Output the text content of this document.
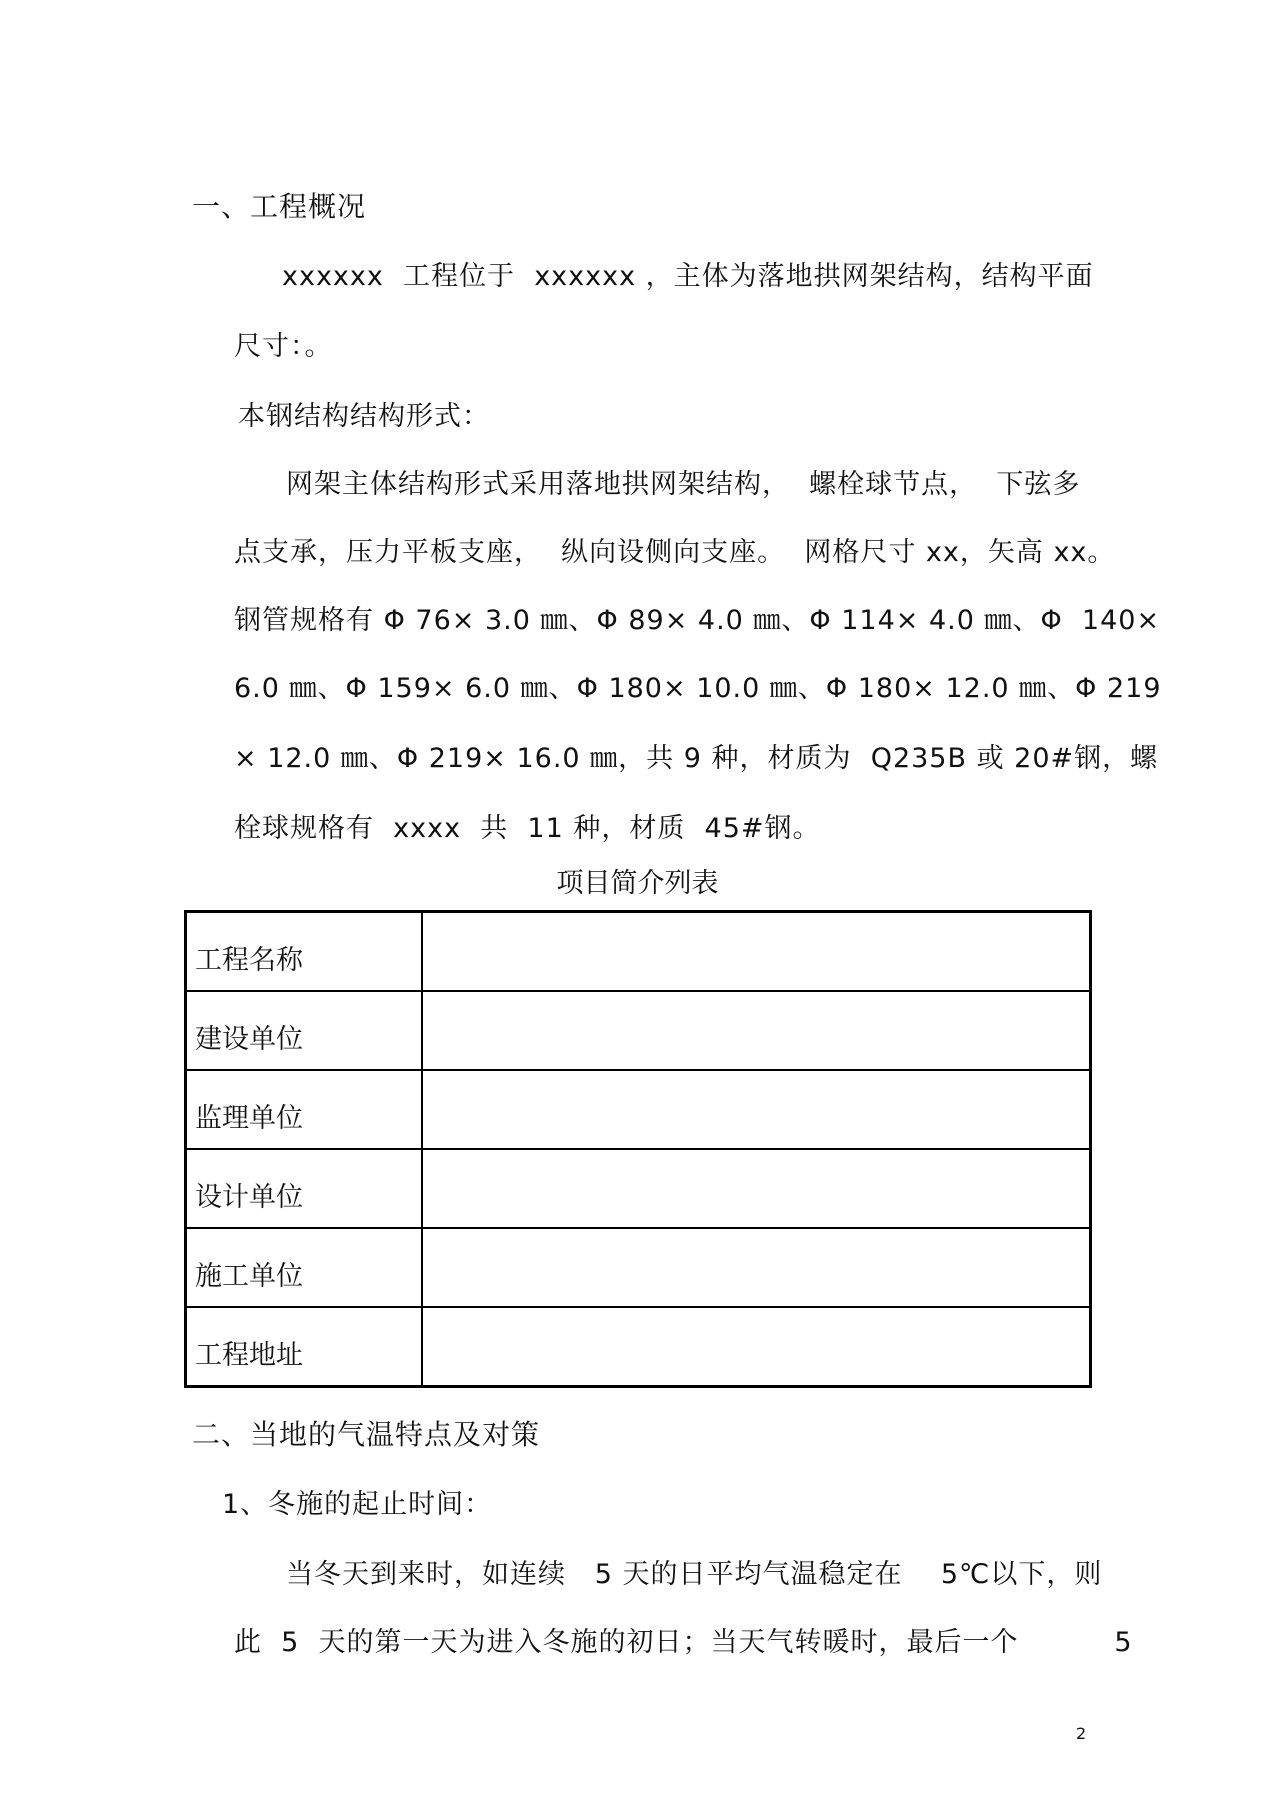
一、工程概况
xxxxxx  工程位于  xxxxxx ，主体为落地拱网架结构，结构平面
尺寸：。
本钢结构结构形式：
网架主体结构形式采用落地拱网架结构，  螺栓球节点，  下弦多
点支承，压力平板支座，  纵向设侧向支座。  网格尺寸 xx，矢高 xx。
钢管规格有 Φ 76× 3.0 ㎜、Φ 89× 4.0 ㎜、Φ 114× 4.0 ㎜、Φ  140×
6.0 ㎜、Φ 159× 6.0 ㎜、Φ 180× 10.0 ㎜、Φ 180× 12.0 ㎜、Φ 219
× 12.0 ㎜、Φ 219× 16.0 ㎜，共 9 种，材质为  Q235B 或 20#钢，螺
栓球规格有  xxxx  共  11 种，材质  45#钢。
项目简介列表
工程名称	
建设单位	
监理单位	
设计单位	
施工单位	
工程地址	
二、当地的气温特点及对策
1、冬施的起止时间：
当冬天到来时，如连续   5 天的日平均气温稳定在    5℃以下，则
此  5  天的第一天为进入冬施的初日；当天气转暖时，最后一个          5
2
